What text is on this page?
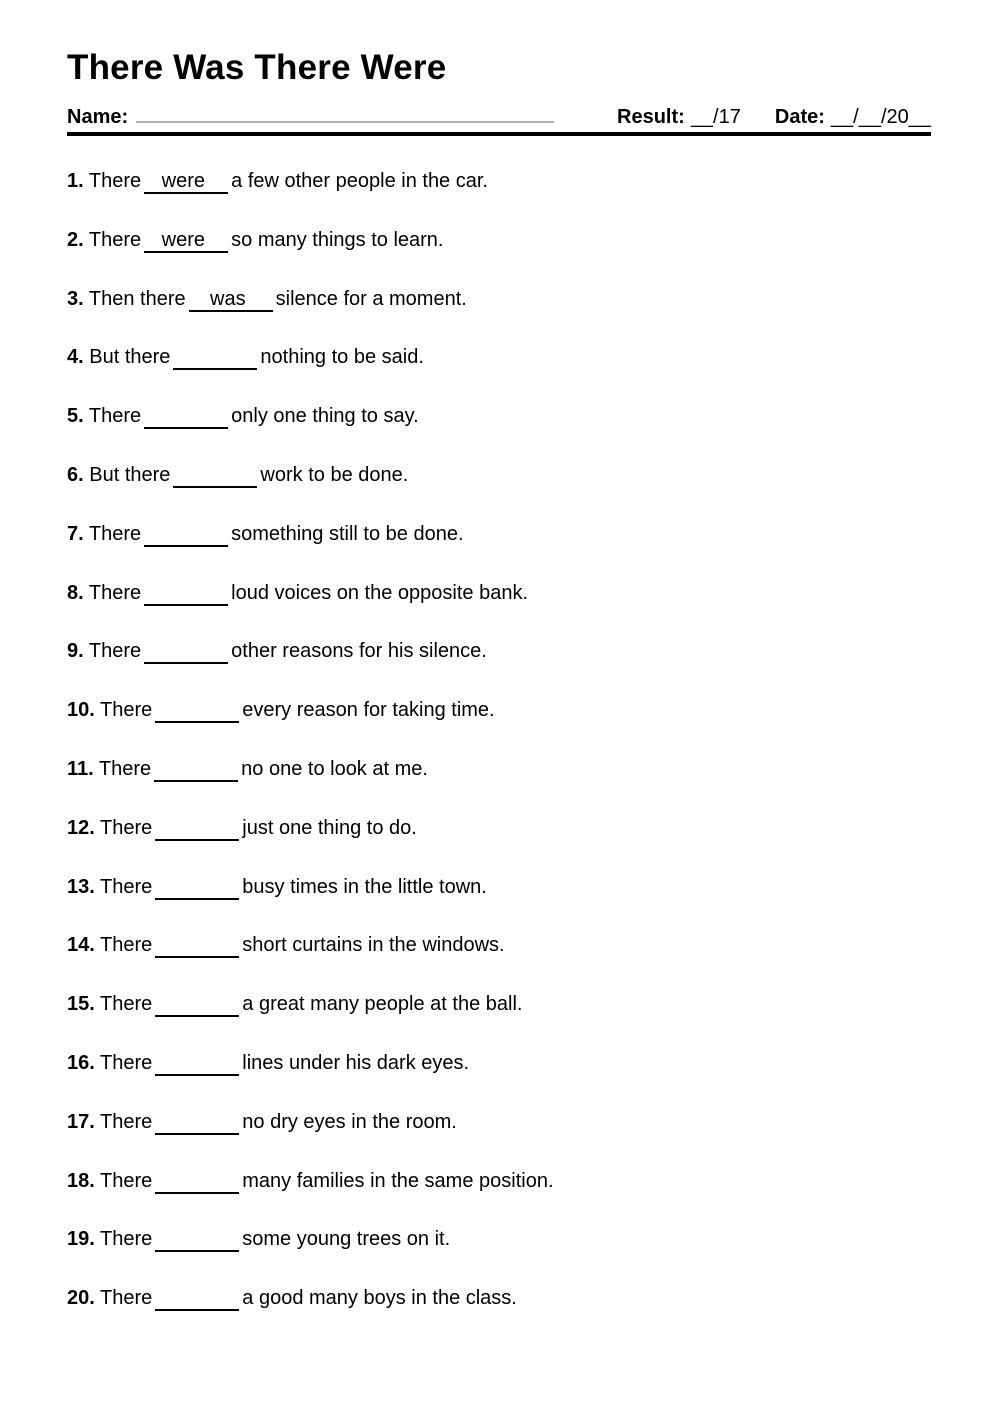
There Was There Were
Name:	Result: __/17 Date: __/__/20__
1. There were a few other people in the car.
2. There were so many things to learn.
3. Then there was silence for a moment.
4. But there	nothing to be said.
5. There	only one thing to say.
6. But there	work to be done.
7. There	something still to be done.
8. There	loud voices on the opposite bank.
9. There	other reasons for his silence.
10. There	every reason for taking time.
11. There	no one to look at me.
12. There	just one thing to do.
13. There	busy times in the little town.
14. There	short curtains in the windows.
15. There	a great many people at the ball.
16. There	lines under his dark eyes.
17. There	no dry eyes in the room.
18. There	many families in the same position.
19. There	some young trees on it.
20. There	a good many boys in the class.
